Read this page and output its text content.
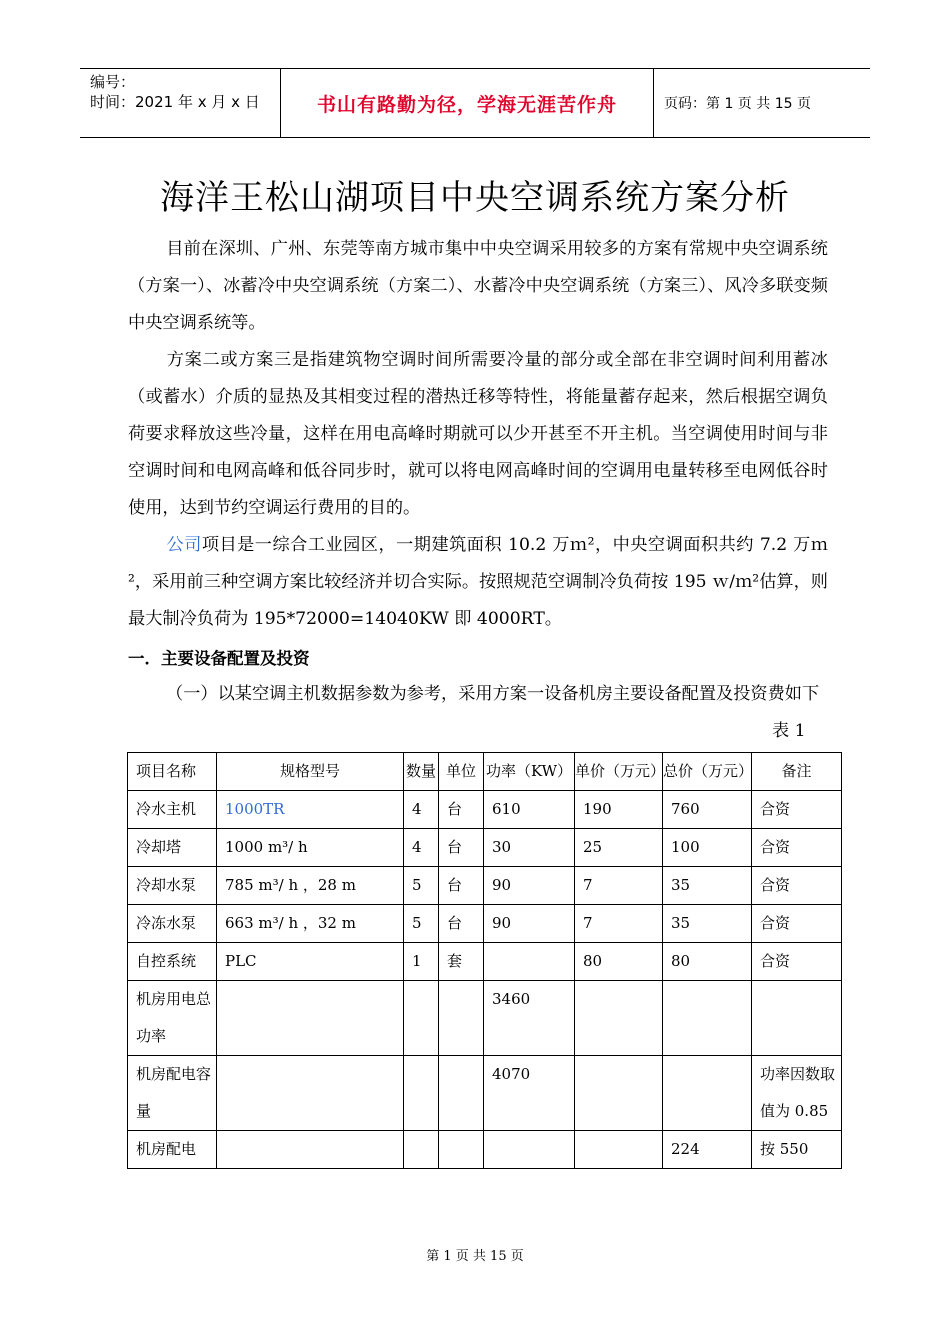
编号：
时间：2021 年 x 月 x 日	书山有路勤为径，学海无涯苦作舟	页码：第 1 页 共 15 页
海洋王松山湖项目中央空调系统方案分析

目前在深圳、广州、东莞等南方城市集中中央空调采用较多的方案有常规中央空调系统（方案一）、冰蓄冷中央空调系统（方案二）、水蓄冷中央空调系统（方案三）、风冷多联变频中央空调系统等。

方案二或方案三是指建筑物空调时间所需要冷量的部分或全部在非空调时间利用蓄冰（或蓄水）介质的显热及其相变过程的潜热迁移等特性，将能量蓄存起来，然后根据空调负荷要求释放这些冷量，这样在用电高峰时期就可以少开甚至不开主机。当空调使用时间与非空调时间和电网高峰和低谷同步时，就可以将电网高峰时间的空调用电量转移至电网低谷时使用，达到节约空调运行费用的目的。

公司项目是一综合工业园区，一期建筑面积 10.2 万ｍ²，中央空调面积共约 7.2 万ｍ²，采用前三种空调方案比较经济并切合实际。按照规范空调制冷负荷按 195 ｗ/ｍ²估算，则最大制冷负荷为 195*72000=14040KW 即 4000RT。

一．主要设备配置及投资

（一）以某空调主机数据参数为参考，采用方案一设备机房主要设备配置及投资费如下

表 1
项目名称	规格型号	数量	单位	功率（KW）	单价（万元）	总价（万元）	备注
冷水主机	1000TR	4	台	610	190	760	合资
冷却塔	1000 m³/ h	4	台	30	25	100	合资
冷却水泵	785 m³/ h ，28 m	5	台	90	7	35	合资
冷冻水泵	663 m³/ h ，32 m	5	台	90	7	35	合资
自控系统	PLC	1	套		80	80	合资
机房用电总功率				3460			
机房配电容量				4070			功率因数取值为 0.85
机房配电						224	按 550
第 1 页 共 15 页
